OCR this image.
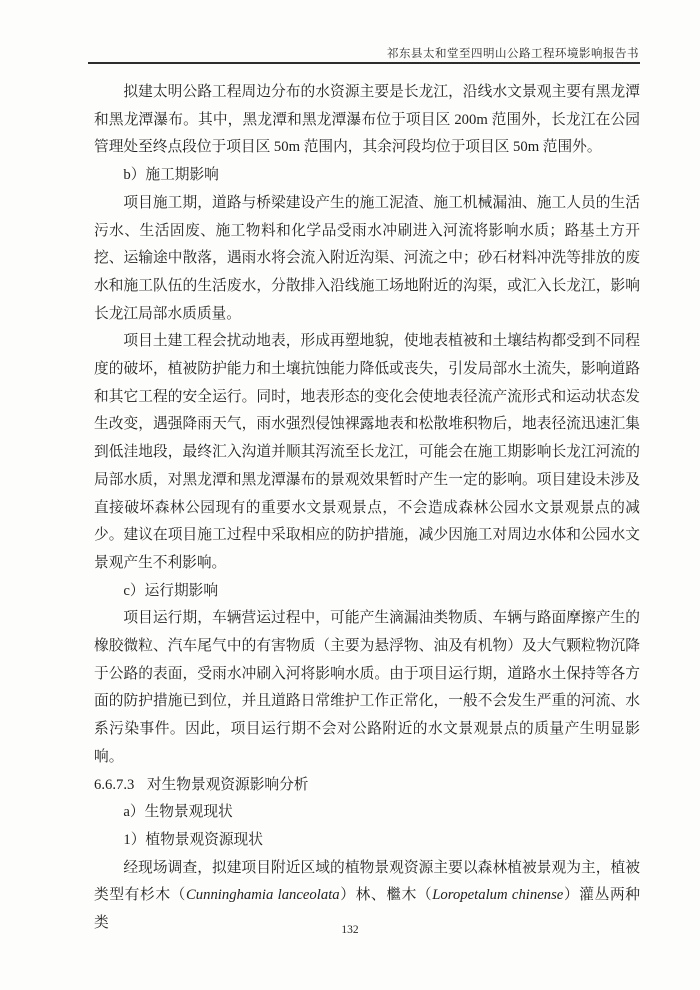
祁东县太和堂至四明山公路工程环境影响报告书

拟建太明公路工程周边分布的水资源主要是长龙江，沿线水文景观主要有黑龙潭和黑龙潭瀑布。其中，黑龙潭和黑龙潭瀑布位于项目区 200m 范围外，长龙江在公园管理处至终点段位于项目区 50m 范围内，其余河段均位于项目区 50m 范围外。

b）施工期影响

项目施工期，道路与桥梁建设产生的施工泥渣、施工机械漏油、施工人员的生活污水、生活固废、施工物料和化学品受雨水冲刷进入河流将影响水质；路基土方开挖、运输途中散落，遇雨水将会流入附近沟渠、河流之中；砂石材料冲洗等排放的废水和施工队伍的生活废水，分散排入沿线施工场地附近的沟渠，或汇入长龙江，影响长龙江局部水质质量。

项目土建工程会扰动地表，形成再塑地貌，使地表植被和土壤结构都受到不同程度的破坏，植被防护能力和土壤抗蚀能力降低或丧失，引发局部水土流失，影响道路和其它工程的安全运行。同时，地表形态的变化会使地表径流产流形式和运动状态发生改变，遇强降雨天气，雨水强烈侵蚀裸露地表和松散堆积物后，地表径流迅速汇集到低洼地段，最终汇入沟道并顺其泻流至长龙江，可能会在施工期影响长龙江河流的局部水质，对黑龙潭和黑龙潭瀑布的景观效果暂时产生一定的影响。项目建设未涉及直接破坏森林公园现有的重要水文景观景点，不会造成森林公园水文景观景点的减少。建议在项目施工过程中采取相应的防护措施，减少因施工对周边水体和公园水文景观产生不利影响。

c）运行期影响

项目运行期，车辆营运过程中，可能产生滴漏油类物质、车辆与路面摩擦产生的橡胶微粒、汽车尾气中的有害物质（主要为悬浮物、油及有机物）及大气颗粒物沉降于公路的表面，受雨水冲刷入河将影响水质。由于项目运行期，道路水土保持等各方面的防护措施已到位，并且道路日常维护工作正常化，一般不会发生严重的河流、水系污染事件。因此，项目运行期不会对公路附近的水文景观景点的质量产生明显影响。

6.6.7.3 对生物景观资源影响分析

a）生物景观现状

1）植物景观资源现状

经现场调查，拟建项目附近区域的植物景观资源主要以森林植被景观为主，植被类型有杉木（Cunninghamia lanceolata）林、檵木（Loropetalum chinense）灌丛两种类	132
